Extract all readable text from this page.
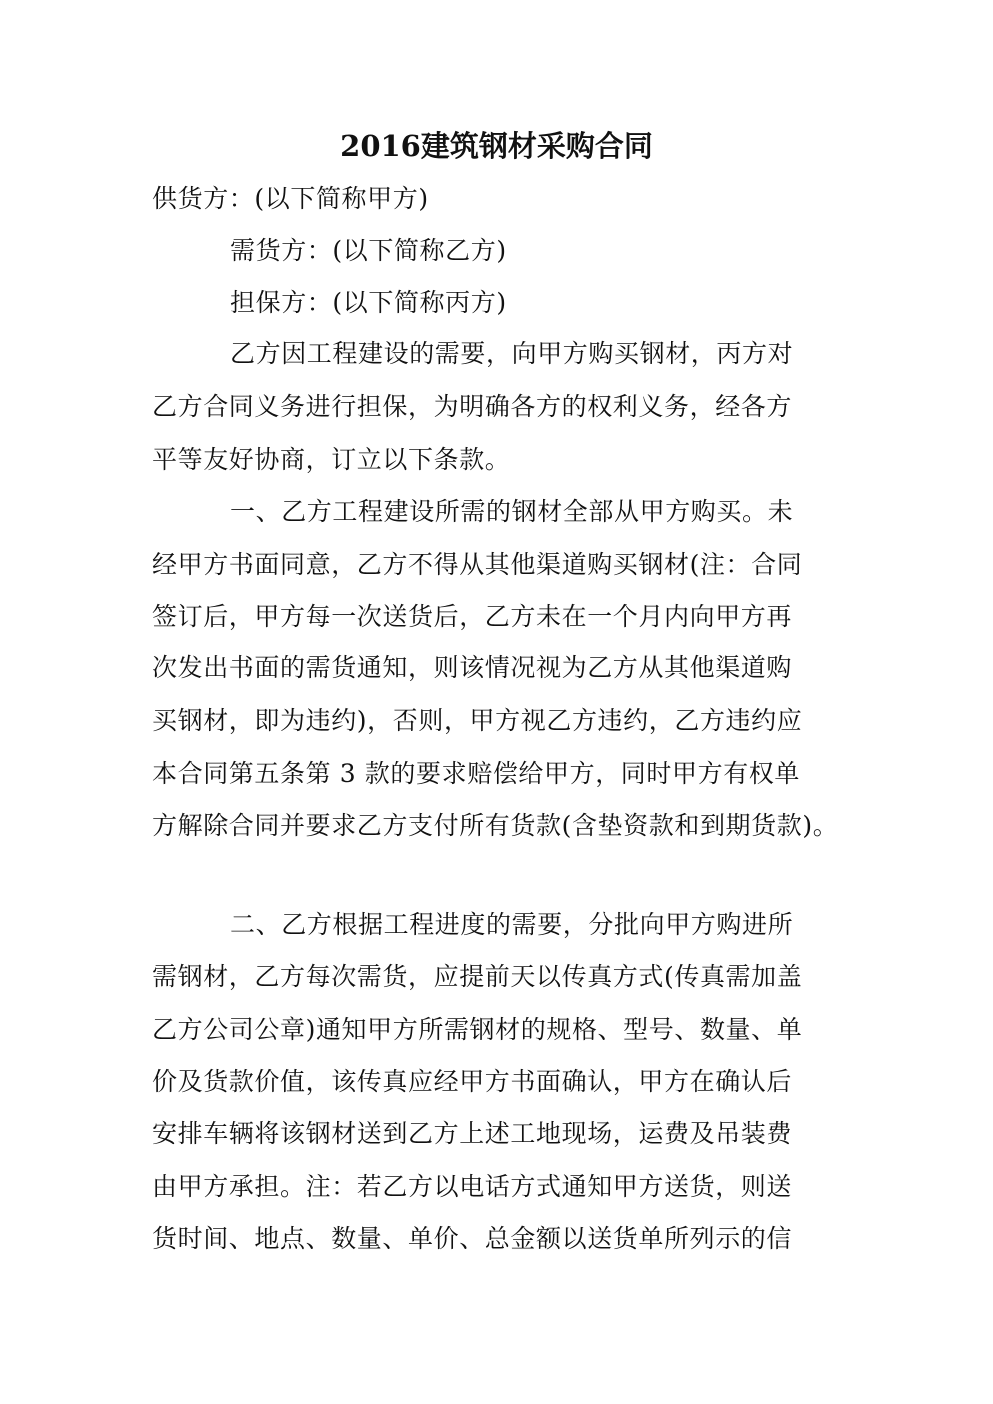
2016建筑钢材采购合同
供货方：(以下简称甲方)
需货方：(以下简称乙方)
担保方：(以下简称丙方)
乙方因工程建设的需要，向甲方购买钢材，丙方对
乙方合同义务进行担保，为明确各方的权利义务，经各方
平等友好协商，订立以下条款。
一、乙方工程建设所需的钢材全部从甲方购买。未
经甲方书面同意，乙方不得从其他渠道购买钢材(注：合同
签订后，甲方每一次送货后，乙方未在一个月内向甲方再
次发出书面的需货通知，则该情况视为乙方从其他渠道购
买钢材，即为违约)，否则，甲方视乙方违约，乙方违约应
本合同第五条第 3 款的要求赔偿给甲方，同时甲方有权单
方解除合同并要求乙方支付所有货款(含垫资款和到期货款)。
二、乙方根据工程进度的需要，分批向甲方购进所
需钢材，乙方每次需货，应提前天以传真方式(传真需加盖
乙方公司公章)通知甲方所需钢材的规格、型号、数量、单
价及货款价值，该传真应经甲方书面确认，甲方在确认后
安排车辆将该钢材送到乙方上述工地现场，运费及吊装费
由甲方承担。注：若乙方以电话方式通知甲方送货，则送
货时间、地点、数量、单价、总金额以送货单所列示的信
